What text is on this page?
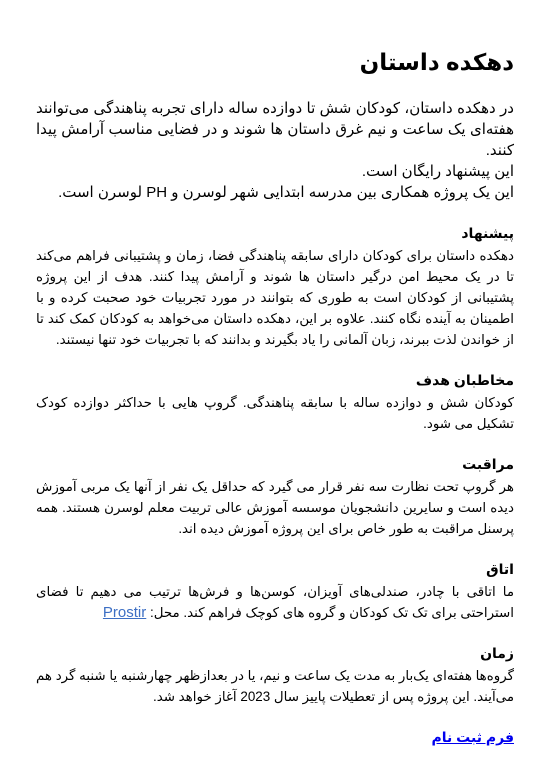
دهکده داستان

در دهکده داستان، کودکان شش تا دوازده ساله دارای تجربه پناهندگی می‌توانند هفته‌ای یک ساعت و نیم غرق داستان ها شوند و در فضایی مناسب آرامش پیدا کنند.

این پیشنهاد رایگان است.

این یک پروژه همکاری بین مدرسه ابتدایی شهر لوسرن و PH لوسرن است.

پیشنهاد

دهکده داستان برای کودکان دارای سابقه پناهندگی فضا، زمان و پشتیبانی فراهم می‌کند تا در یک محیط امن درگیر داستان ها شوند و آرامش پیدا کنند. هدف از این پروژه پشتیبانی از کودکان است به طوری که بتوانند در مورد تجربیات خود صحبت کرده و با اطمینان به آینده نگاه کنند. علاوه بر این، دهکده داستان می‌خواهد به کودکان کمک کند تا از خواندن لذت ببرند، زبان آلمانی را یاد بگیرند و بدانند که با تجربیات خود تنها نیستند.

مخاطبان هدف

کودکان شش و دوازده ساله با سابقه پناهندگی. گروپ هایی با حداکثر دوازده کودک تشکیل می شود.

مراقبت

هر گروپ تحت نظارت سه نفر قرار می گیرد که حداقل یک نفر از آنها یک مربی آموزش دیده است و سایرین دانشجویان موسسه آموزش عالی تربیت معلم لوسرن هستند. همه پرسنل مراقبت به طور خاص برای این پروژه آموزش دیده اند.

اتاق

ما اتاقی با چادر، صندلی‌های آویزان، کوسن‌ها و فرش‌ها ترتیب می دهیم تا فضای استراحتی برای تک تک کودکان و گروه های کوچک فراهم کند. محل: Prostir

زمان

گروه‌ها هفته‌ای یک‌بار به مدت یک ساعت و نیم، یا در بعدازظهر چهارشنبه یا شنبه گرد هم می‌آیند. این پروژه پس از تعطیلات پاییز سال 2023 آغاز خواهد شد.

فرم ثبت نام
